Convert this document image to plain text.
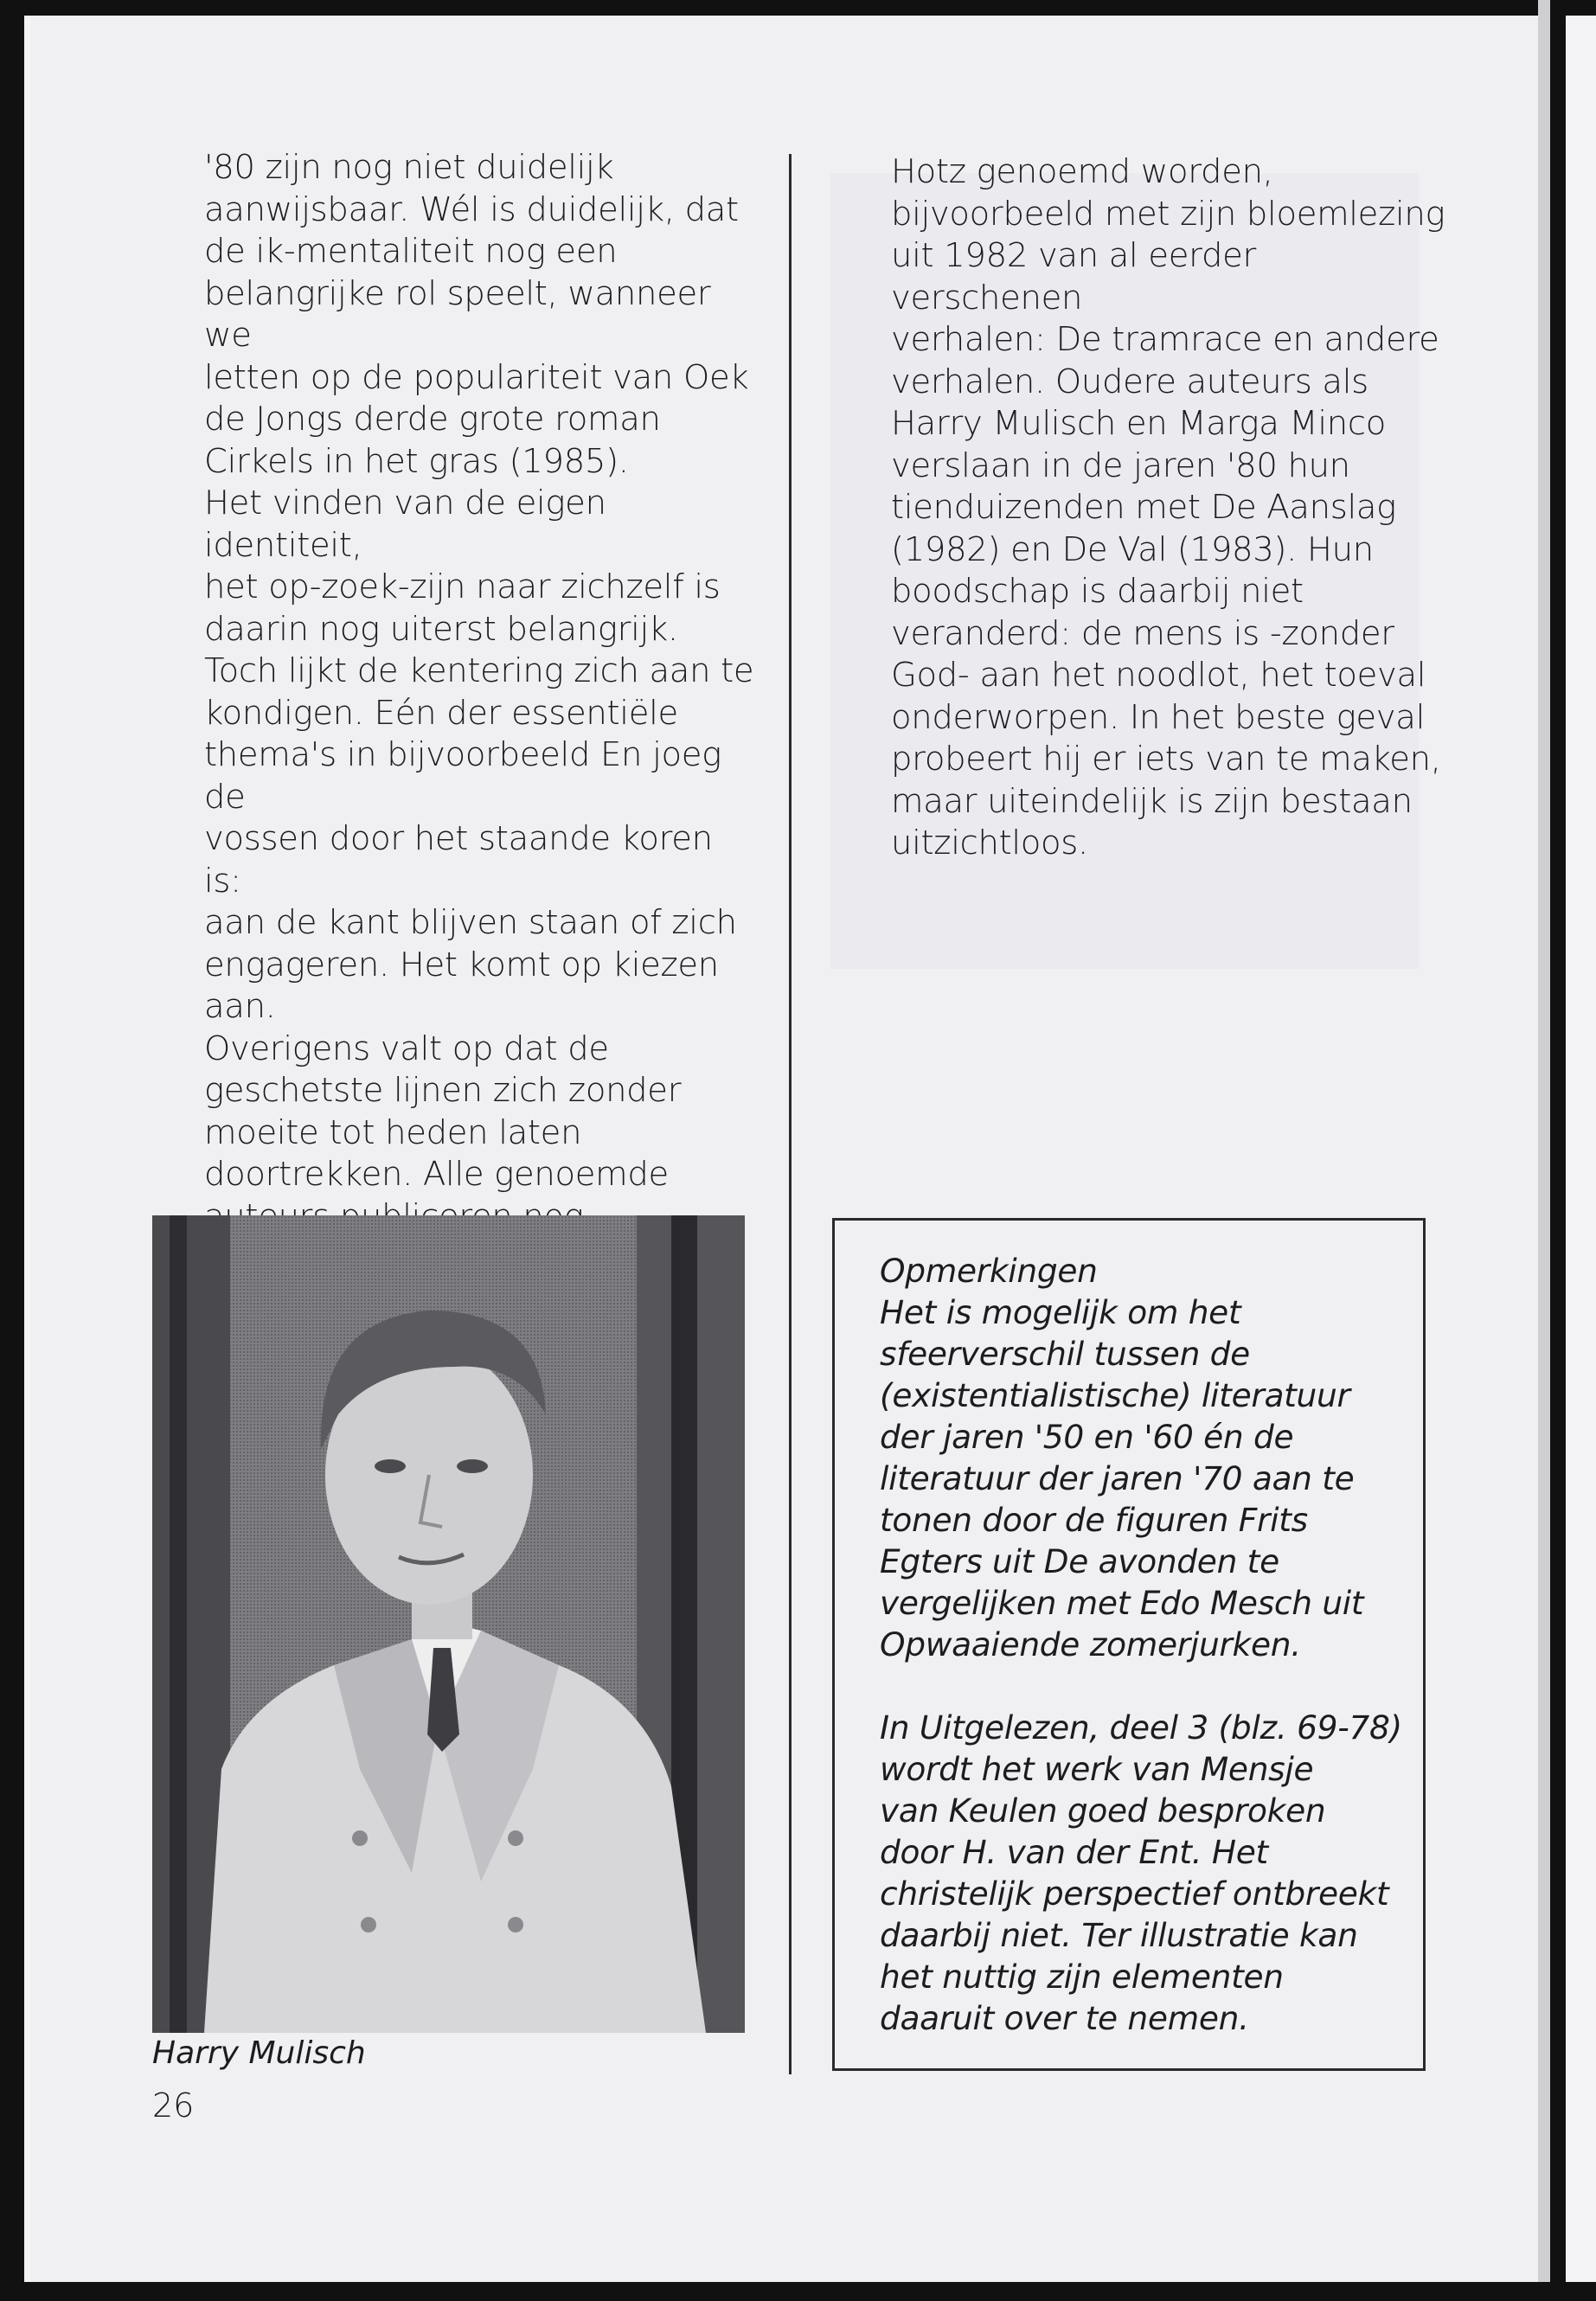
'80 zijn nog niet duidelijk

aanwijsbaar. Wél is duidelijk, dat

de ik-mentaliteit nog een

belangrijke rol speelt, wanneer we

letten op de populariteit van Oek

de Jongs derde grote roman

Cirkels in het gras (1985).

Het vinden van de eigen identiteit,

het op-zoek-zijn naar zichzelf is

daarin nog uiterst belangrijk.

Toch lijkt de kentering zich aan te

kondigen. Eén der essentiële

thema's in bijvoorbeeld En joeg de

vossen door het staande koren is:

aan de kant blijven staan of zich

engageren. Het komt op kiezen

aan.

Overigens valt op dat de

geschetste lijnen zich zonder

moeite tot heden laten

doortrekken. Alle genoemde

Hotz genoemd worden,

bijvoorbeeld met zijn bloemlezing

uit 1982 van al eerder verschenen

verhalen: De tramrace en andere

verhalen. Oudere auteurs als

Harry Mulisch en Marga Minco

verslaan in de jaren '80 hun

tienduizenden met De Aanslag

(1982) en De Val (1983). Hun

boodschap is daarbij niet

veranderd: de mens is -zonder

God- aan het noodlot, het toeval

onderworpen. In het beste geval

probeert hij er iets van te maken,

maar uiteindelijk is zijn bestaan

uitzichtloos.

Harry Mulisch
26

Opmerkingen

Het is mogelijk om het

sfeerverschil tussen de

(existentialistische) literatuur

der jaren '50 en '60 én de

literatuur der jaren '70 aan te

tonen door de figuren Frits

Egters uit De avonden te

vergelijken met Edo Mesch uit

Opwaaiende zomerjurken.

In Uitgelezen, deel 3 (blz. 69-78)

wordt het werk van Mensje

van Keulen goed besproken

door H. van der Ent. Het

christelijk perspectief ontbreekt

daarbij niet. Ter illustratie kan

het nuttig zijn elementen

daaruit over te nemen.
